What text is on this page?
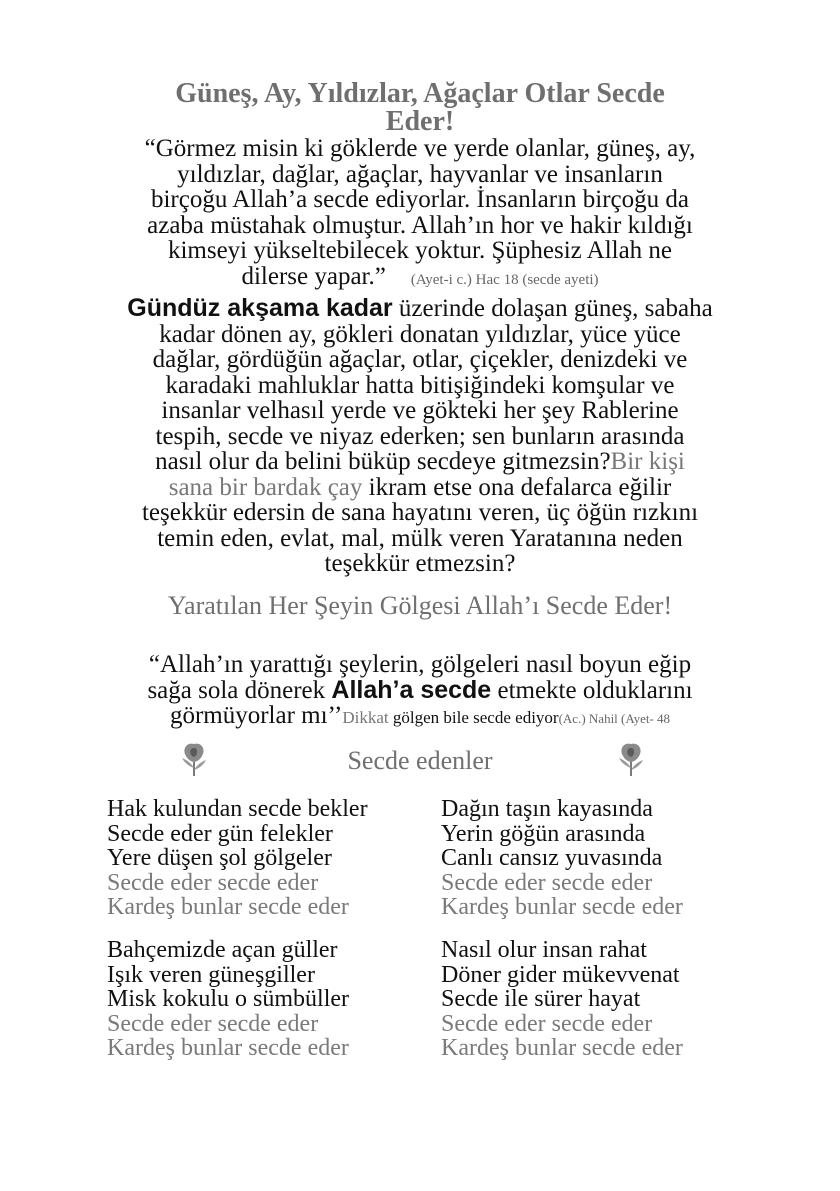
Güneş, Ay, Yıldızlar, Ağaçlar Otlar Secde
Eder!
“Görmez misin ki göklerde ve yerde olanlar, güneş, ay,
yıldızlar, dağlar, ağaçlar, hayvanlar ve insanların
birçoğu Allah’a secde ediyorlar. İnsanların birçoğu da
azaba müstahak olmuştur. Allah’ın hor ve hakir kıldığı
kimseyi yükseltebilecek yoktur. Şüphesiz Allah ne
dilerse yapar.” (Ayet-i c.) Hac 18 (secde ayeti)
Gündüz akşama kadar üzerinde dolaşan güneş, sabaha
kadar dönen ay, gökleri donatan yıldızlar, yüce yüce
dağlar, gördüğün ağaçlar, otlar, çiçekler, denizdeki ve
karadaki mahluklar hatta bitişiğindeki komşular ve
insanlar velhasıl yerde ve gökteki her şey Rablerine
tespih, secde ve niyaz ederken; sen bunların arasında
nasıl olur da belini büküp secdeye gitmezsin?Bir kişi
sana bir bardak çay ikram etse ona defalarca eğilir
teşekkür edersin de sana hayatını veren, üç öğün rızkını
temin eden, evlat, mal, mülk veren Yaratanına neden
teşekkür etmezsin?
Yaratılan Her Şeyin Gölgesi Allah’ı Secde Eder!
“Allah’ın yarattığı şeylerin, gölgeleri nasıl boyun eğip
sağa sola dönerek Allah’a secde etmekte olduklarını
görmüyorlar mı’’Dikkat gölgen bile secde ediyor(Ac.) Nahil (Ayet- 48
Secde edenler
Hak kulundan secde bekler
Secde eder gün felekler
Yere düşen şol gölgeler
Secde eder secde eder
Kardeş bunlar secde eder
Dağın taşın kayasında
Yerin göğün arasında
Canlı cansız yuvasında
Secde eder secde eder
Kardeş bunlar secde eder
Bahçemizde açan güller
Işık veren güneşgiller
Misk kokulu o sümbüller
Secde eder secde eder
Kardeş bunlar secde eder
Nasıl olur insan rahat
Döner gider mükevvenat
Secde ile sürer hayat
Secde eder secde eder
Kardeş bunlar secde eder
